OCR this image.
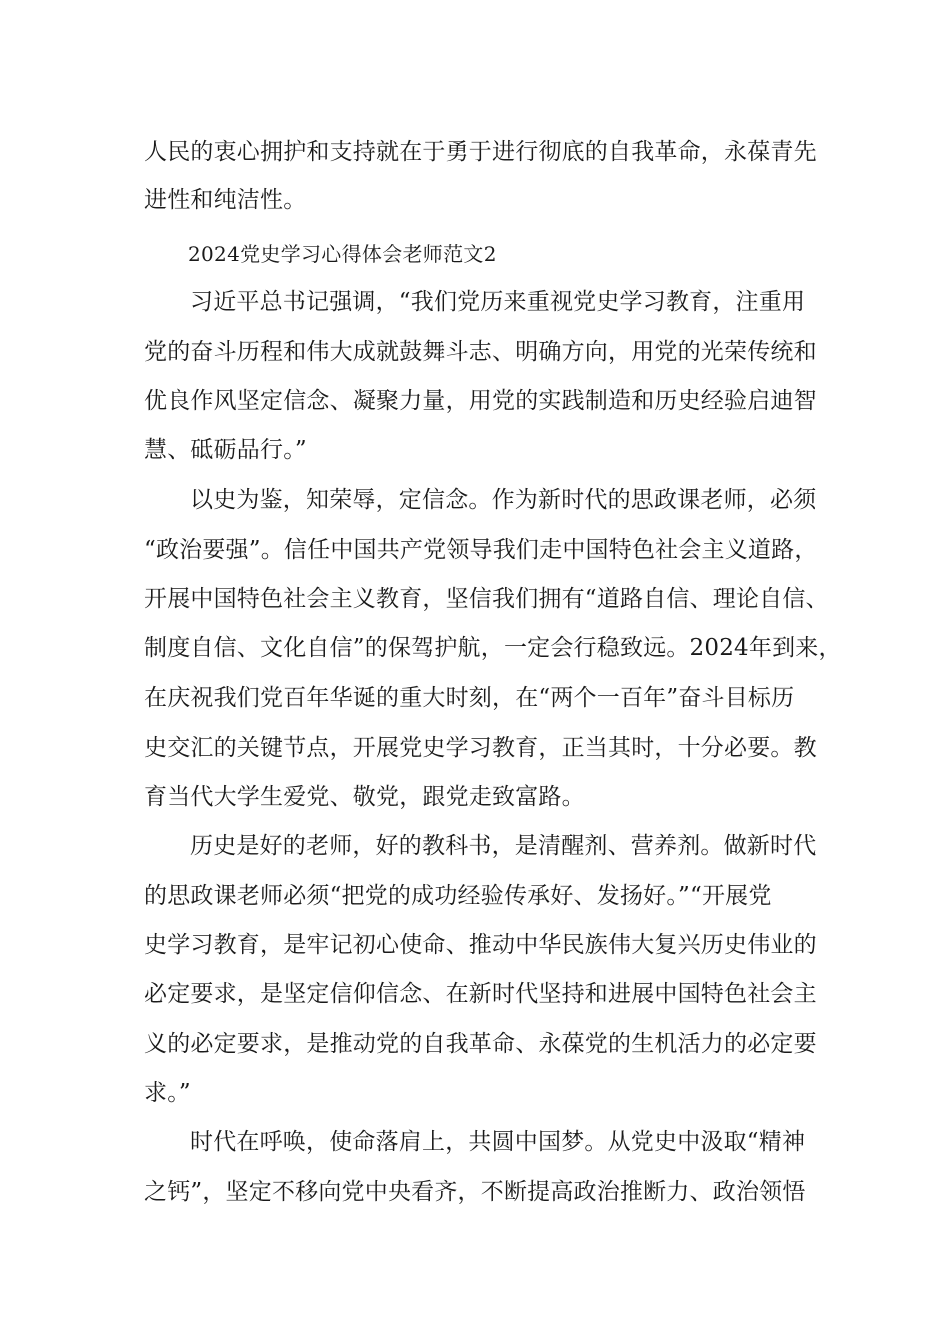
人民的衷心拥护和支持就在于勇于进行彻底的自我革命，永葆青先
进性和纯洁性。
2024党史学习心得体会老师范文2
习近平总书记强调，“我们党历来重视党史学习教育，注重用
党的奋斗历程和伟大成就鼓舞斗志、明确方向，用党的光荣传统和
优良作风坚定信念、凝聚力量，用党的实践制造和历史经验启迪智
慧、砥砺品行。”
以史为鉴，知荣辱，定信念。作为新时代的思政课老师，必须
“政治要强”。信任中国共产党领导我们走中国特色社会主义道路，
开展中国特色社会主义教育，坚信我们拥有“道路自信、理论自信、
制度自信、文化自信”的保驾护航，一定会行稳致远。2024年到来，
在庆祝我们党百年华诞的重大时刻，在“两个一百年”奋斗目标历
史交汇的关键节点，开展党史学习教育，正当其时，十分必要。教
育当代大学生爱党、敬党，跟党走致富路。
历史是好的老师，好的教科书，是清醒剂、营养剂。做新时代
的思政课老师必须“把党的成功经验传承好、发扬好。”“开展党
史学习教育，是牢记初心使命、推动中华民族伟大复兴历史伟业的
必定要求，是坚定信仰信念、在新时代坚持和进展中国特色社会主
义的必定要求，是推动党的自我革命、永葆党的生机活力的必定要
求。”
时代在呼唤，使命落肩上，共圆中国梦。从党史中汲取“精神
之钙”，坚定不移向党中央看齐，不断提高政治推断力、政治领悟
